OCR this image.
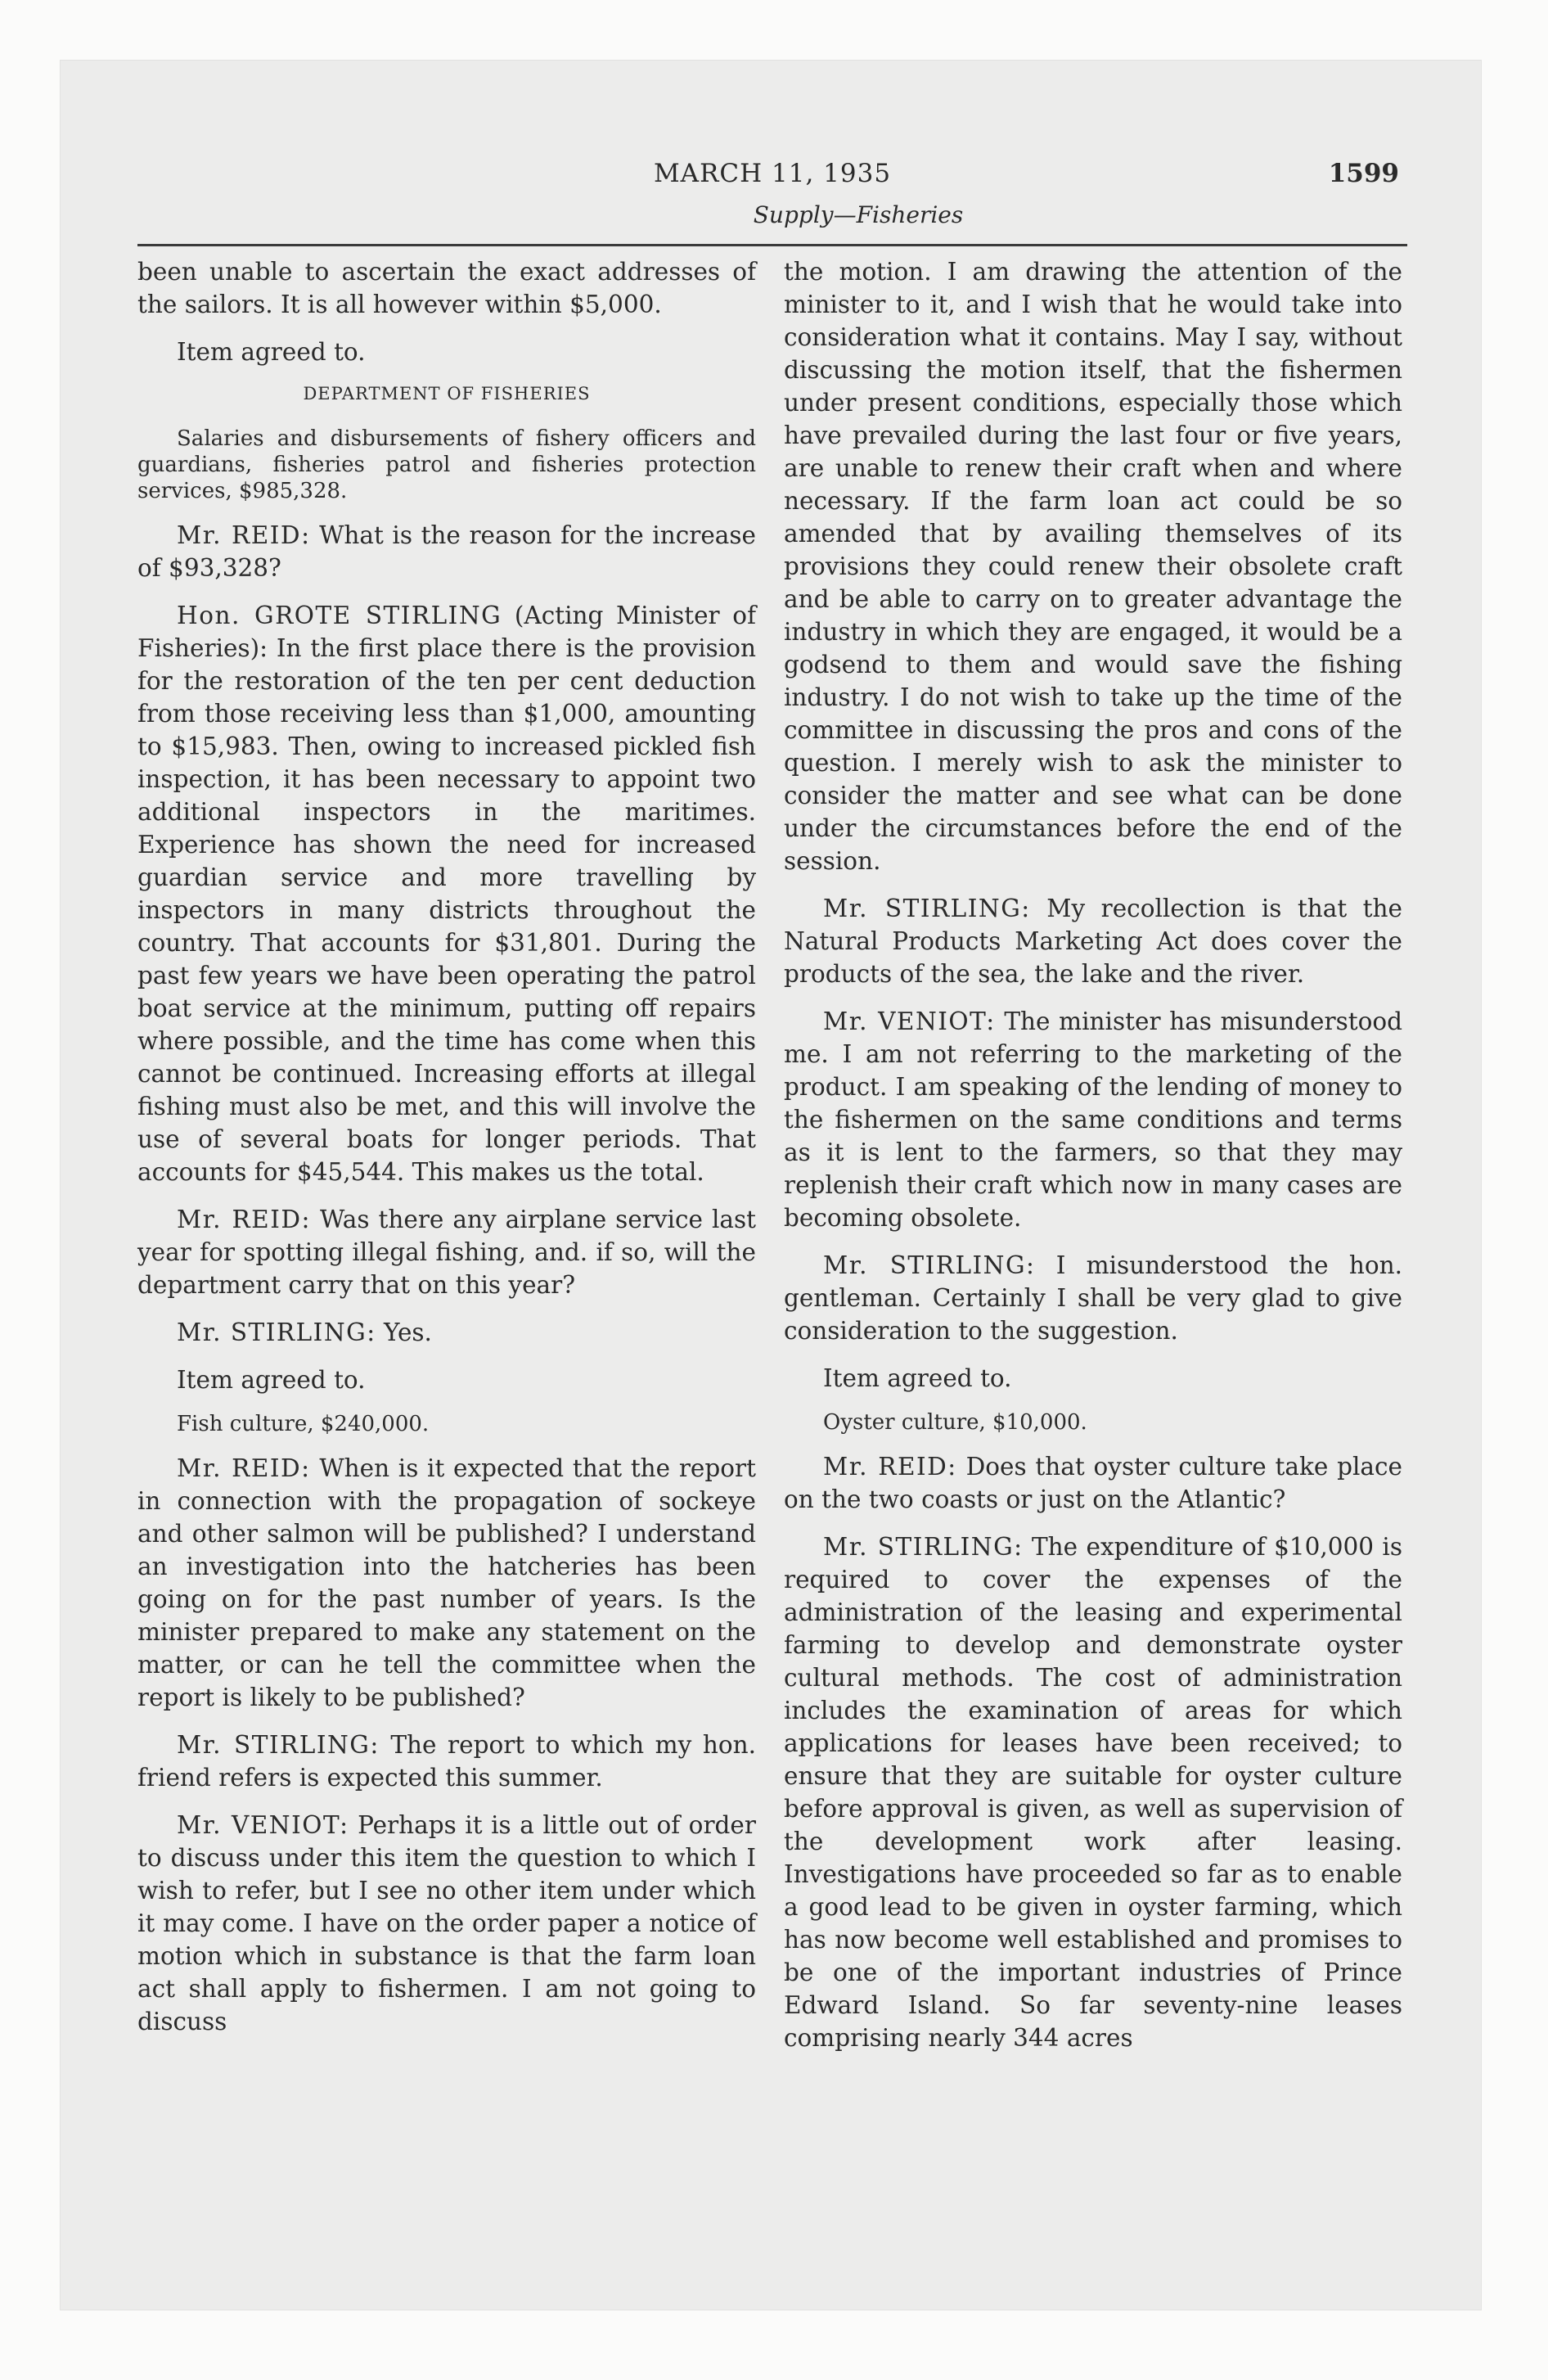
MARCH 11, 1935	1599
Supply—Fisheries

been unable to ascertain the exact addresses of the sailors. It is all however within $5,000.

Item agreed to.

DEPARTMENT OF FISHERIES

Salaries and disbursements of fishery officers and guardians, fisheries patrol and fisheries protection services, $985,328.

Mr. REID: What is the reason for the increase of $93,328?

Hon. GROTE STIRLING (Acting Minister of Fisheries): In the first place there is the provision for the restoration of the ten per cent deduction from those receiving less than $1,000, amounting to $15,983. Then, owing to increased pickled fish inspection, it has been necessary to appoint two additional inspectors in the maritimes. Experience has shown the need for increased guardian service and more travelling by inspectors in many districts throughout the country. That accounts for $31,801. During the past few years we have been operating the patrol boat service at the minimum, putting off repairs where possible, and the time has come when this cannot be continued. Increasing efforts at illegal fishing must also be met, and this will involve the use of several boats for longer periods. That accounts for $45,544. This makes us the total.

Mr. REID: Was there any airplane service last year for spotting illegal fishing, and. if so, will the department carry that on this year?

Mr. STIRLING: Yes.

Item agreed to.

Fish culture, $240,000.

Mr. REID: When is it expected that the report in connection with the propagation of sockeye and other salmon will be published? I understand an investigation into the hatcheries has been going on for the past number of years. Is the minister prepared to make any statement on the matter, or can he tell the committee when the report is likely to be published?

Mr. STIRLING: The report to which my hon. friend refers is expected this summer.

Mr. VENIOT: Perhaps it is a little out of order to discuss under this item the question to which I wish to refer, but I see no other item under which it may come. I have on the order paper a notice of motion which in substance is that the farm loan act shall apply to fishermen. I am not going to discuss

the motion. I am drawing the attention of the minister to it, and I wish that he would take into consideration what it contains. May I say, without discussing the motion itself, that the fishermen under present conditions, especially those which have prevailed during the last four or five years, are unable to renew their craft when and where necessary. If the farm loan act could be so amended that by availing themselves of its provisions they could renew their obsolete craft and be able to carry on to greater advantage the industry in which they are engaged, it would be a godsend to them and would save the fishing industry. I do not wish to take up the time of the committee in discussing the pros and cons of the question. I merely wish to ask the minister to consider the matter and see what can be done under the circumstances before the end of the session.

Mr. STIRLING: My recollection is that the Natural Products Marketing Act does cover the products of the sea, the lake and the river.

Mr. VENIOT: The minister has misunderstood me. I am not referring to the marketing of the product. I am speaking of the lending of money to the fishermen on the same conditions and terms as it is lent to the farmers, so that they may replenish their craft which now in many cases are becoming obsolete.

Mr. STIRLING: I misunderstood the hon. gentleman. Certainly I shall be very glad to give consideration to the suggestion.

Item agreed to.

Oyster culture, $10,000.

Mr. REID: Does that oyster culture take place on the two coasts or just on the Atlantic?

Mr. STIRLING: The expenditure of $10,000 is required to cover the expenses of the administration of the leasing and experimental farming to develop and demonstrate oyster cultural methods. The cost of administration includes the examination of areas for which applications for leases have been received; to ensure that they are suitable for oyster culture before approval is given, as well as supervision of the development work after leasing. Investigations have proceeded so far as to enable a good lead to be given in oyster farming, which has now become well established and promises to be one of the important industries of Prince Edward Island. So far seventy-nine leases comprising nearly 344 acres
